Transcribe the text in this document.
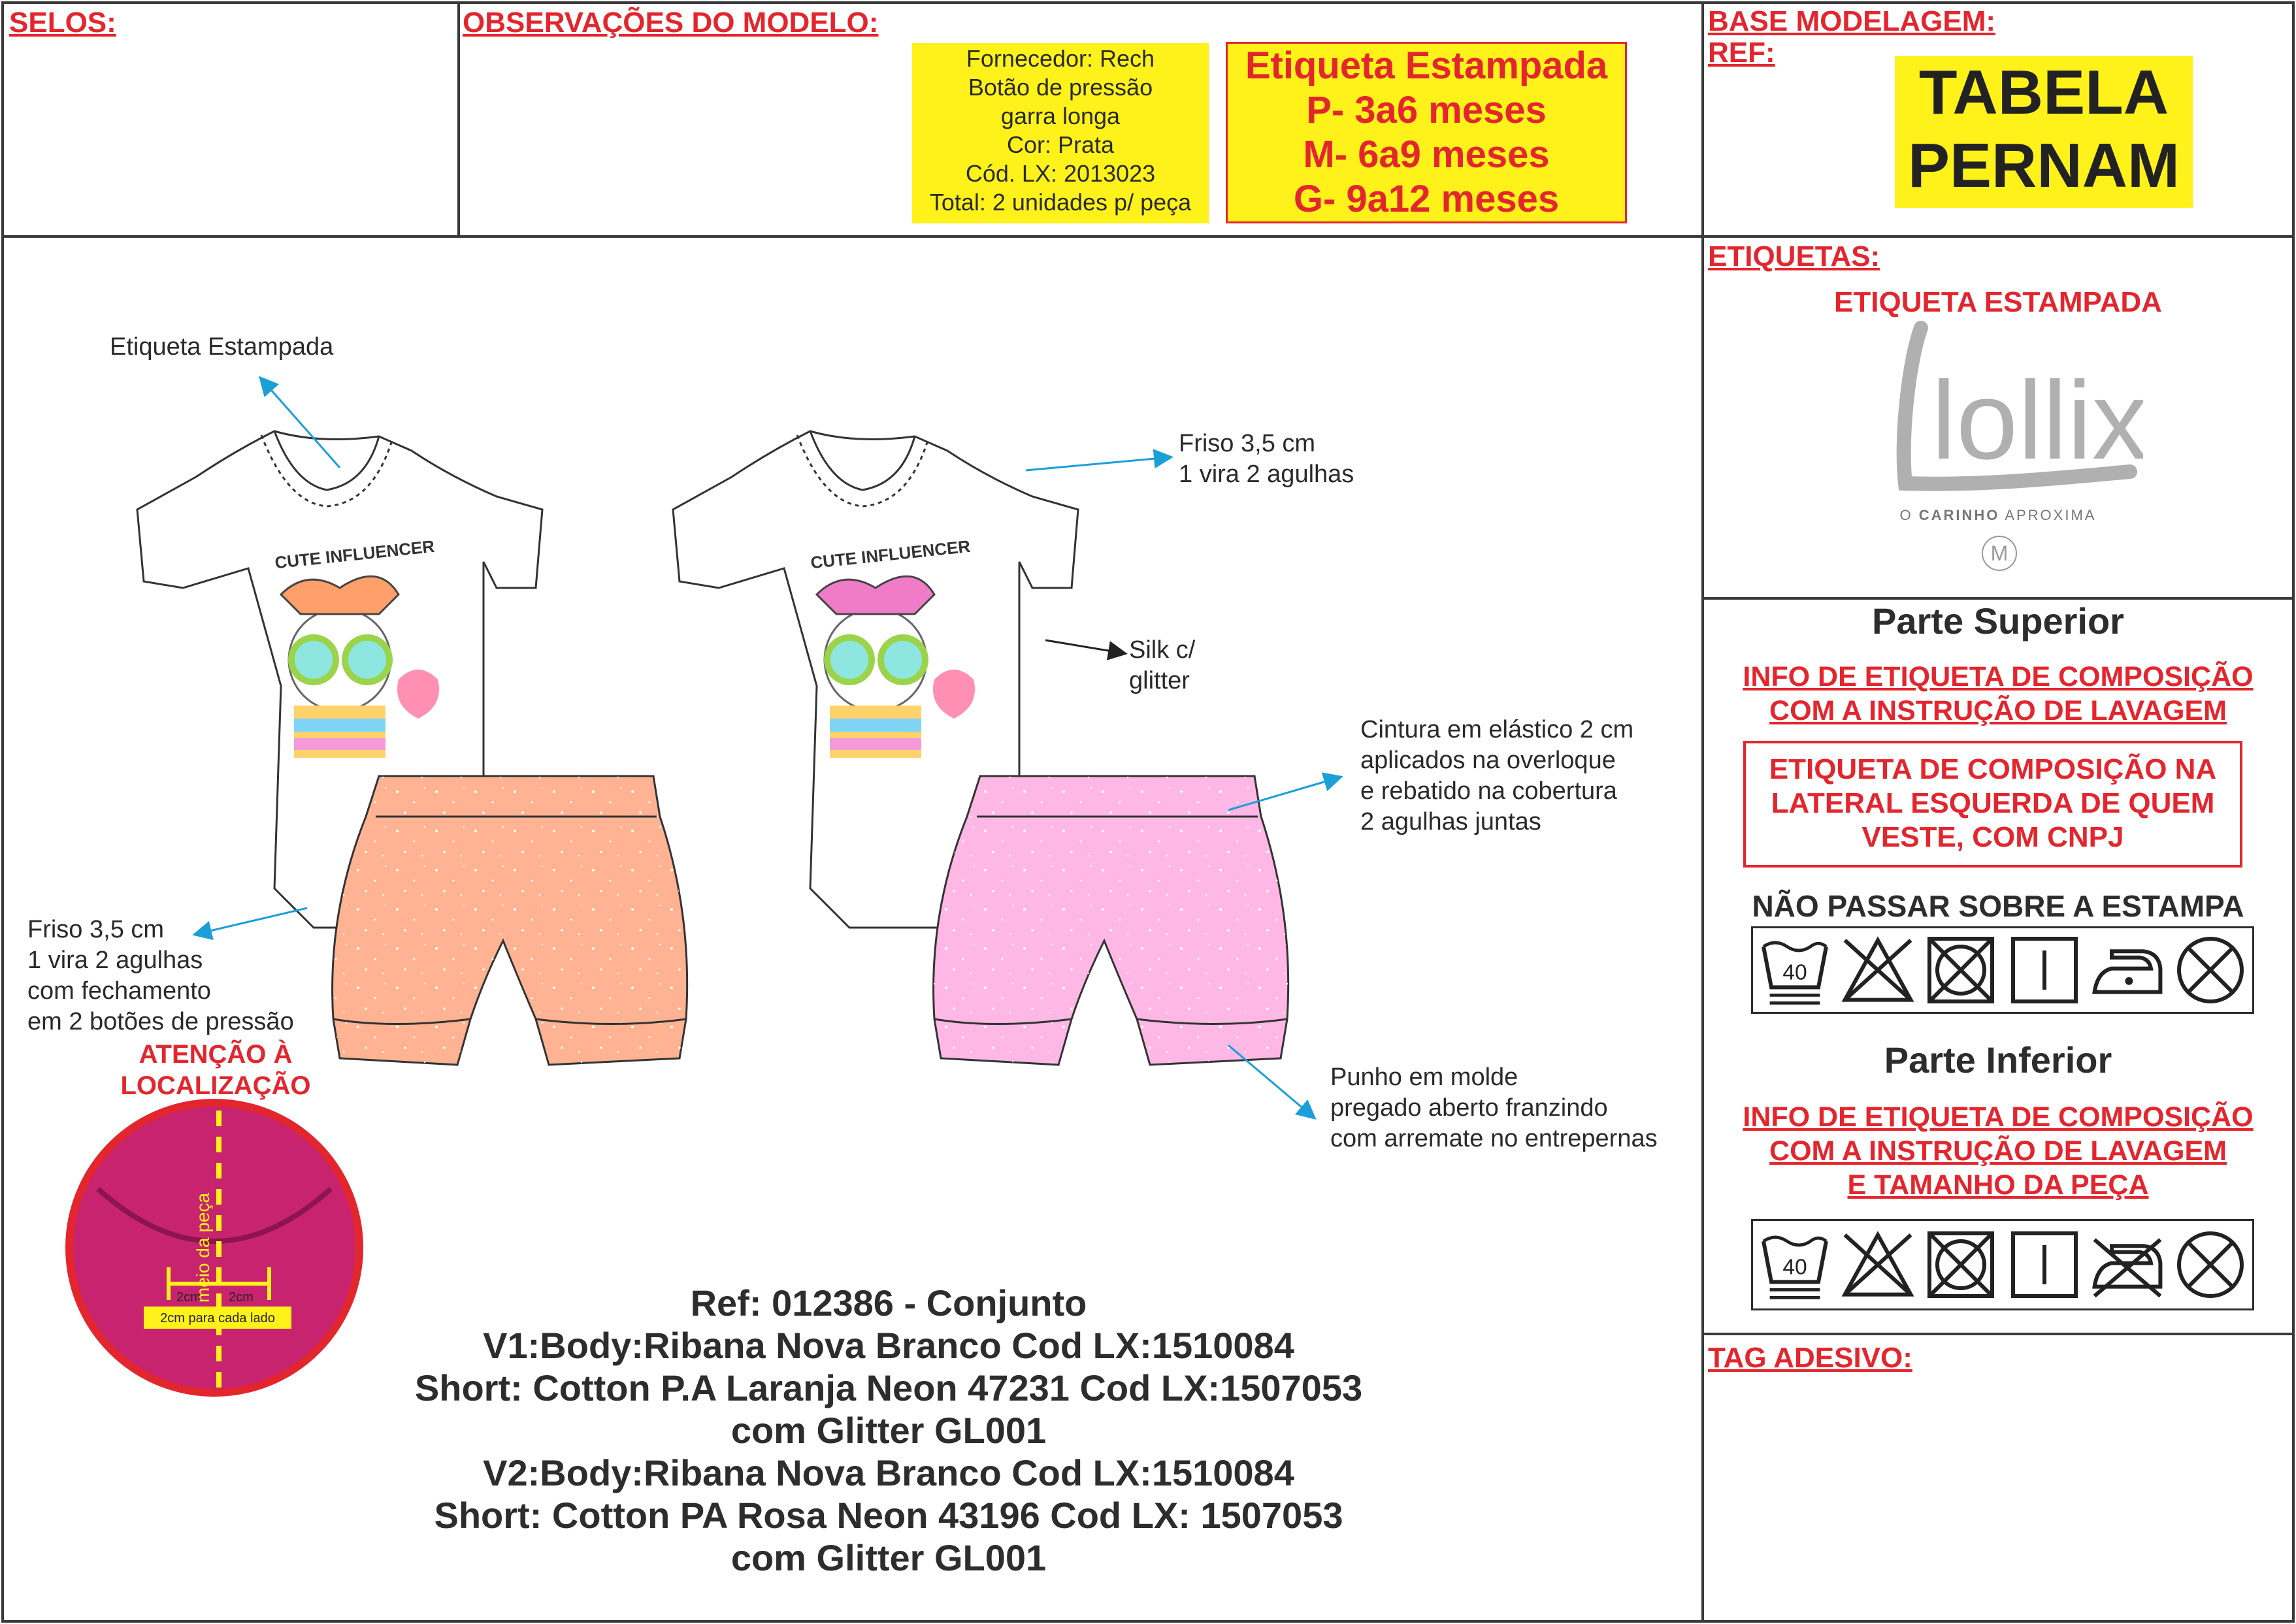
SELOS:	OBSERVAÇÕES DO MODELO:
Fornecedor: Rech
Botão de pressão
garra longa
Cor: Prata
Cód. LX: 2013023
Total: 2 unidades p/ peça
Etiqueta Estampada
P- 3a6 meses
M- 6a9 meses
G- 9a12 meses
BASE MODELAGEM:
REF:
TABELA
PERNAM
ETIQUETAS:
ETIQUETA ESTAMPADA
lollix
O CARINHO APROXIMA
M
Parte Superior
INFO DE ETIQUETA DE COMPOSIÇÃO
COM A INSTRUÇÃO DE LAVAGEM
ETIQUETA DE COMPOSIÇÃO NA
LATERAL ESQUERDA DE QUEM
VESTE, COM CNPJ
NÃO PASSAR SOBRE A ESTAMPA
40
Parte Inferior
INFO DE ETIQUETA DE COMPOSIÇÃO
COM A INSTRUÇÃO DE LAVAGEM
E TAMANHO DA PEÇA
40
TAG ADESIVO:
CUTE INFLUENCER	CUTE INFLUENCER
2cm 2cm
2cm para cada lado
meio da peça
Etiqueta Estampada
Friso 3,5 cm
1 vira 2 agulhas
Silk c/
glitter
Cintura em elástico 2 cm
aplicados na overloque
e rebatido na cobertura
2 agulhas juntas
Friso 3,5 cm
1 vira 2 agulhas
com fechamento
em 2 botões de pressão
Punho em molde
pregado aberto franzindo
com arremate no entrepernas
ATENÇÃO À
LOCALIZAÇÃO
Ref: 012386 - Conjunto
V1:Body:Ribana Nova Branco Cod LX:1510084
Short: Cotton P.A Laranja Neon 47231 Cod LX:1507053
com Glitter GL001
V2:Body:Ribana Nova Branco Cod LX:1510084
Short: Cotton PA Rosa Neon 43196 Cod LX: 1507053
com Glitter GL001
